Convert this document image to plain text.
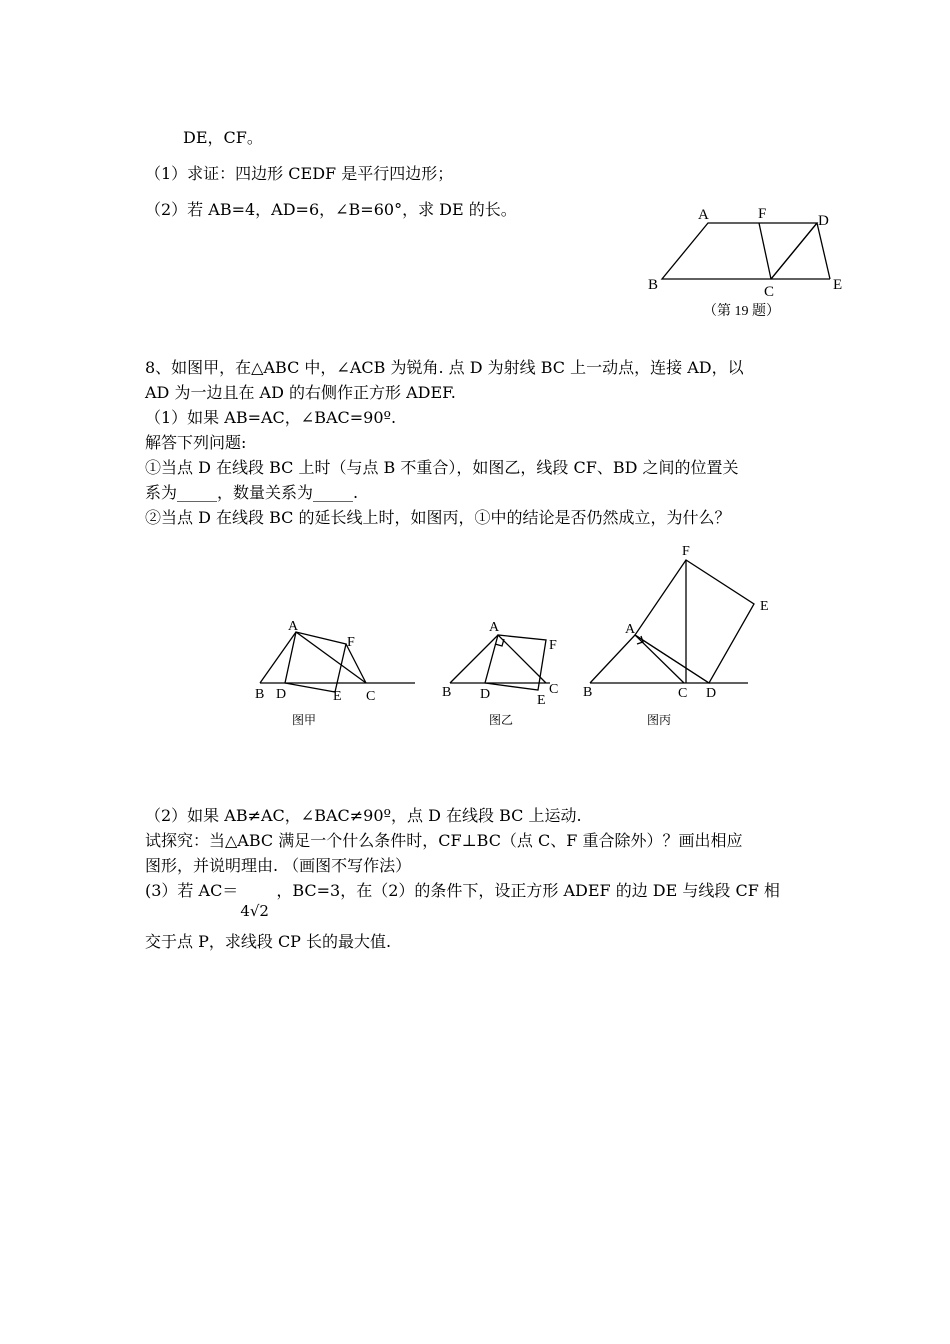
DE，CF。
（1）求证：四边形 CEDF 是平行四边形；
（2）若 AB=4，AD=6，∠B=60°，求 DE 的长。	A	F	D
B	C	E
（第 19 题）
8、如图甲，在△ABC 中，∠ACB 为锐角. 点 D 为射线 BC 上一动点，连接 AD，以
AD 为一边且在 AD 的右侧作正方形 ADEF.
（1）如果 AB=AC，∠BAC=90º.
解答下列问题:
①当点 D 在线段 BC 上时（与点 B 不重合），如图乙，线段 CF、BD 之间的位置关
系为_____，数量关系为_____.
②当点 D 在线段 BC 的延长线上时，如图丙，①中的结论是否仍然成立，为什么？
A
F
B D	E C
图甲
A
F
B D	E
C
图乙
F
E
A
B	C D
图丙
（2）如果 AB≠AC，∠BAC≠90º，点 D 在线段 BC 上运动.
试探究：当△ABC 满足一个什么条件时，CF⊥BC（点 C、F 重合除外）？画出相应
图形，并说明理由. （画图不写作法）
(3）若 AC＝
4√2
，BC=3，在（2）的条件下，设正方形 ADEF 的边 DE 与线段 CF 相
交于点 P，求线段 CP 长的最大值.
